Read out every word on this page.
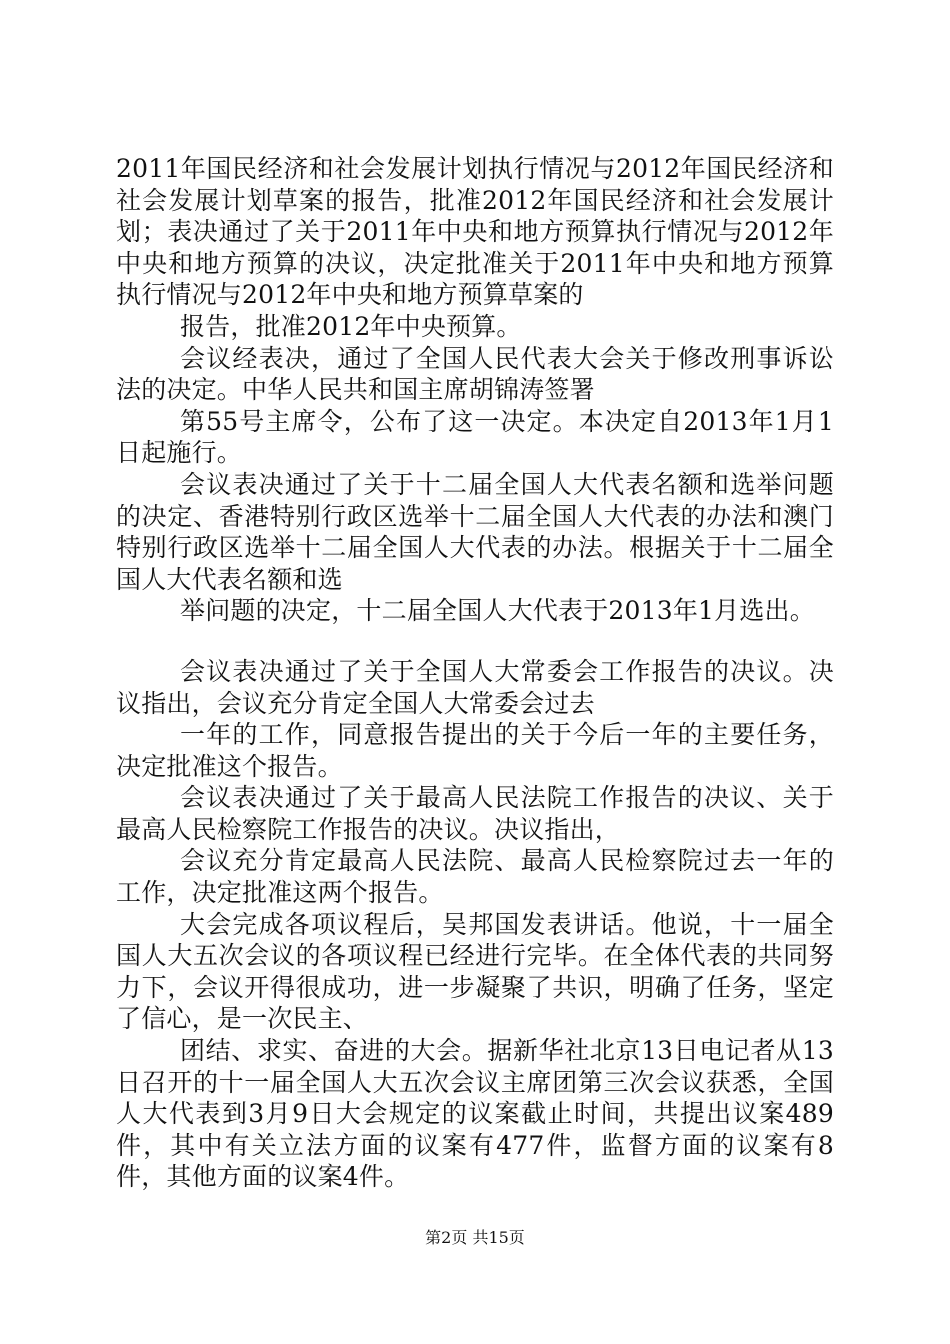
2011年国民经济和社会发展计划执行情况与2012年国民经济和社会发展计划草案的报告，批准2012年国民经济和社会发展计划；表决通过了关于2011年中央和地方预算执行情况与2012年中央和地方预算的决议，决定批准关于2011年中央和地方预算执行情况与2012年中央和地方预算草案的

报告，批准2012年中央预算。

会议经表决，通过了全国人民代表大会关于修改刑事诉讼法的决定。中华人民共和国主席胡锦涛签署

第55号主席令，公布了这一决定。本决定自2013年1月1日起施行。

会议表决通过了关于十二届全国人大代表名额和选举问题的决定、香港特别行政区选举十二届全国人大代表的办法和澳门特别行政区选举十二届全国人大代表的办法。根据关于十二届全国人大代表名额和选

举问题的决定，十二届全国人大代表于2013年1月选出。

会议表决通过了关于全国人大常委会工作报告的决议。决议指出，会议充分肯定全国人大常委会过去

一年的工作，同意报告提出的关于今后一年的主要任务，决定批准这个报告。

会议表决通过了关于最高人民法院工作报告的决议、关于最高人民检察院工作报告的决议。决议指出，

会议充分肯定最高人民法院、最高人民检察院过去一年的工作，决定批准这两个报告。

大会完成各项议程后，吴邦国发表讲话。他说，十一届全国人大五次会议的各项议程已经进行完毕。在全体代表的共同努力下，会议开得很成功，进一步凝聚了共识，明确了任务，坚定了信心，是一次民主、

团结、求实、奋进的大会。据新华社北京13日电记者从13日召开的十一届全国人大五次会议主席团第三次会议获悉，全国人大代表到3月9日大会规定的议案截止时间，共提出议案489件，其中有关立法方面的议案有477件，监督方面的议案有8件，其他方面的议案4件。

第2页 共15页
